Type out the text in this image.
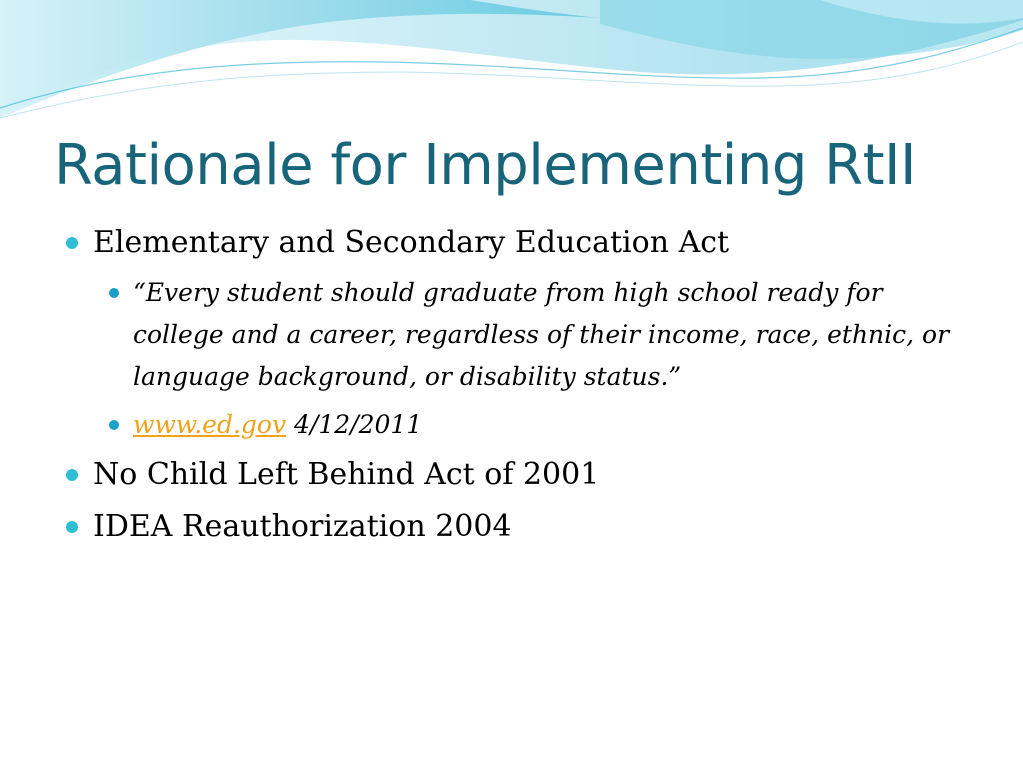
Rationale for Implementing RtII
Elementary and Secondary Education Act
“Every student should graduate from high school ready for college and a career, regardless of their income, race, ethnic, or language background, or disability status.”
www.ed.gov 4/12/2011
No Child Left Behind Act of 2001
IDEA Reauthorization 2004
